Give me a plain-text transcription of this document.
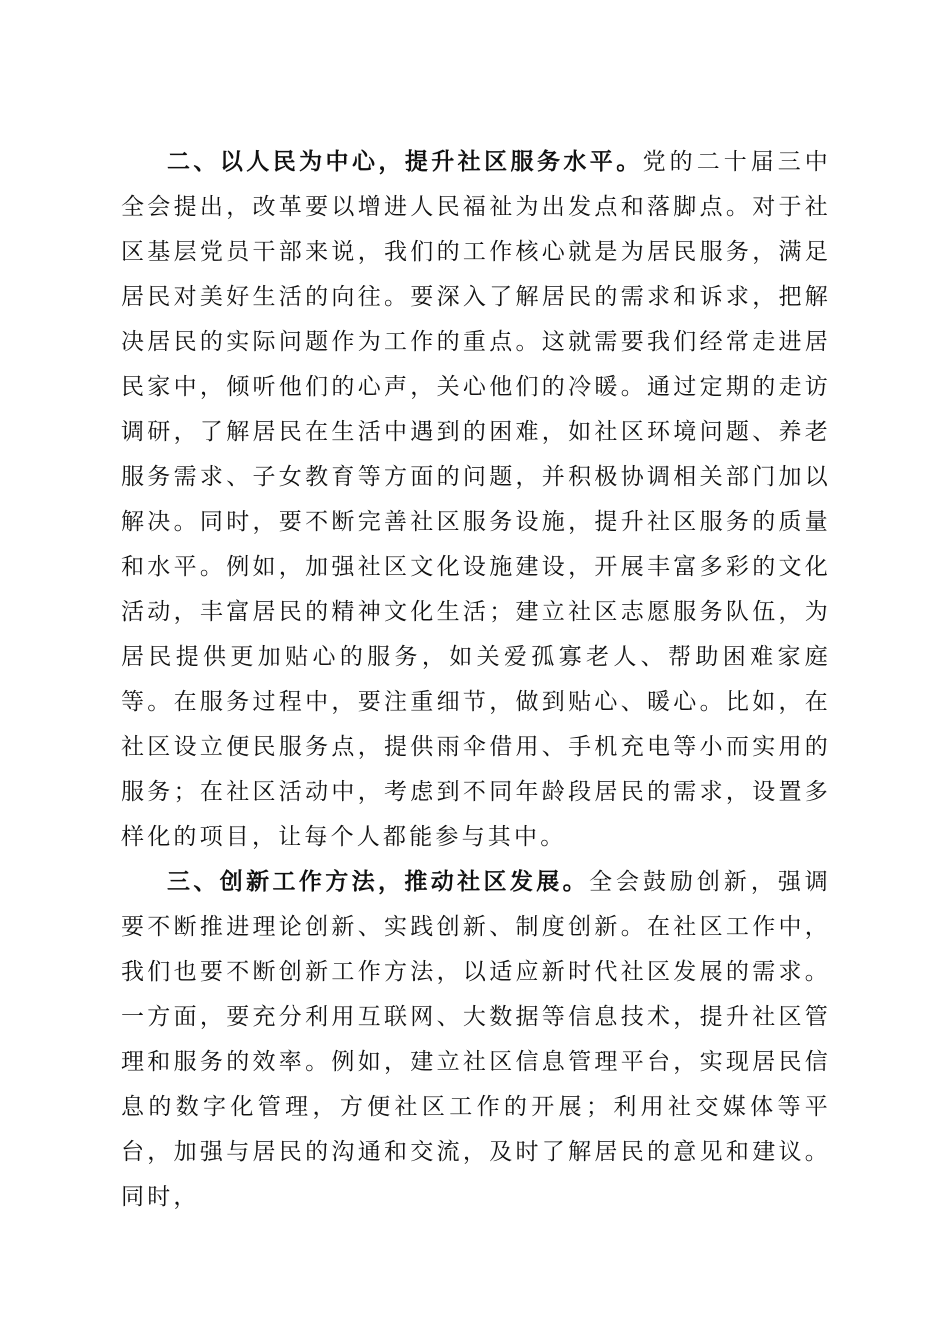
二、以人民为中心，提升社区服务水平。党的二十届三中全会提出，改革要以增进人民福祉为出发点和落脚点。对于社区基层党员干部来说，我们的工作核心就是为居民服务，满足居民对美好生活的向往。要深入了解居民的需求和诉求，把解决居民的实际问题作为工作的重点。这就需要我们经常走进居民家中，倾听他们的心声，关心他们的冷暖。通过定期的走访调研，了解居民在生活中遇到的困难，如社区环境问题、养老服务需求、子女教育等方面的问题，并积极协调相关部门加以解决。同时，要不断完善社区服务设施，提升社区服务的质量和水平。例如，加强社区文化设施建设，开展丰富多彩的文化活动，丰富居民的精神文化生活；建立社区志愿服务队伍，为居民提供更加贴心的服务，如关爱孤寡老人、帮助困难家庭等。在服务过程中，要注重细节，做到贴心、暖心。比如，在社区设立便民服务点，提供雨伞借用、手机充电等小而实用的服务；在社区活动中，考虑到不同年龄段居民的需求，设置多样化的项目，让每个人都能参与其中。

三、创新工作方法，推动社区发展。全会鼓励创新，强调要不断推进理论创新、实践创新、制度创新。在社区工作中，我们也要不断创新工作方法，以适应新时代社区发展的需求。一方面，要充分利用互联网、大数据等信息技术，提升社区管理和服务的效率。例如，建立社区信息管理平台，实现居民信息的数字化管理，方便社区工作的开展；利用社交媒体等平台，加强与居民的沟通和交流，及时了解居民的意见和建议。同时，
